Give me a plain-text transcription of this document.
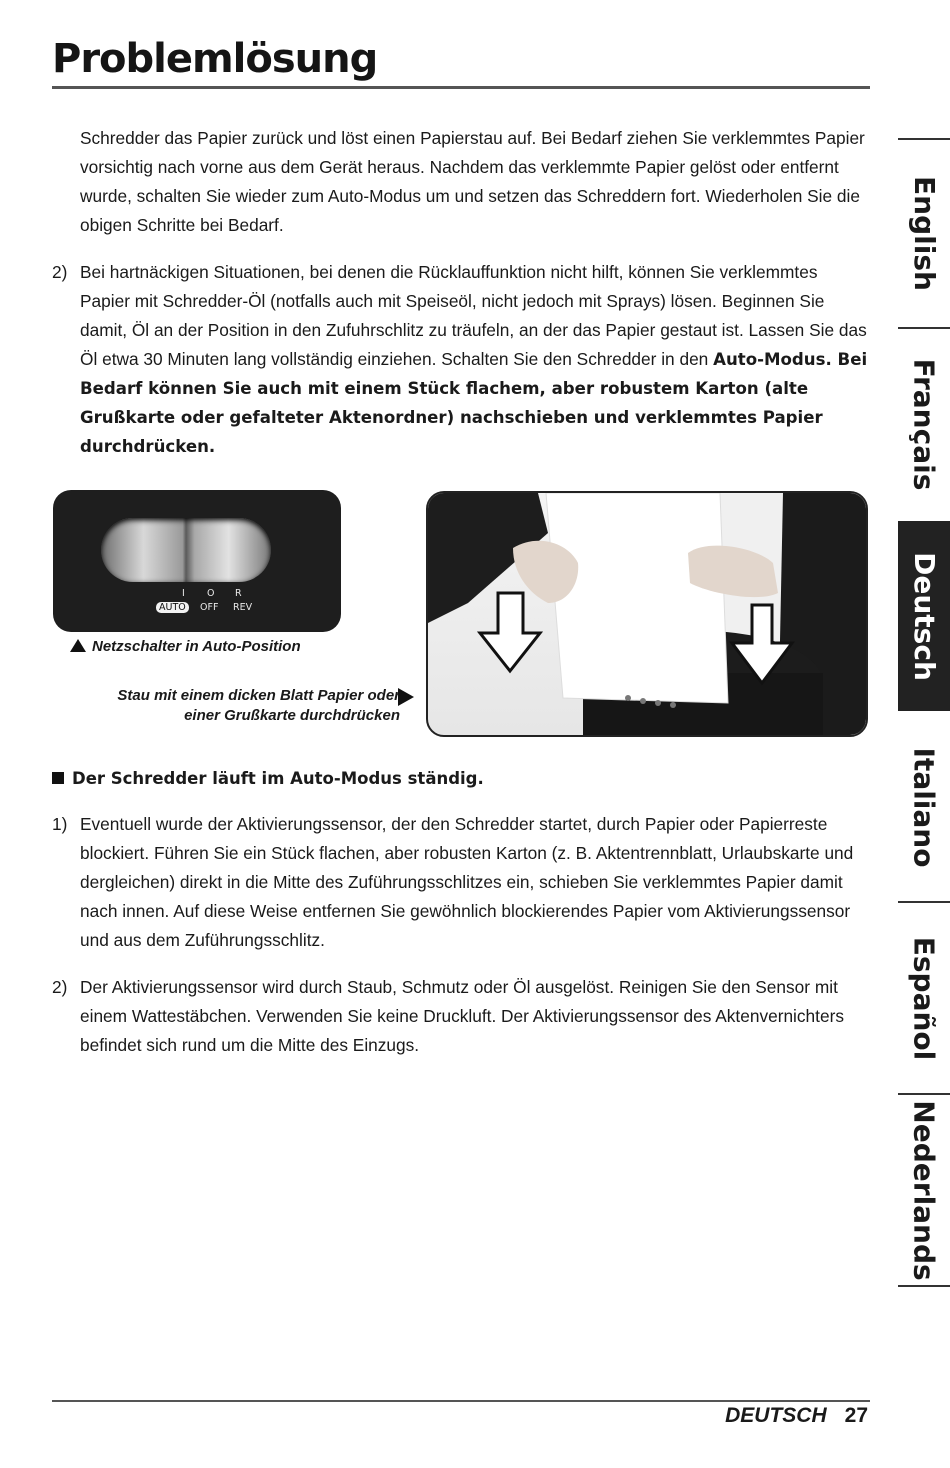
Problemlösung
Schredder das Papier zurück und löst einen Papierstau auf. Bei Bedarf ziehen Sie verklemmtes Papier vorsichtig nach vorne aus dem Gerät heraus. Nachdem das verklemmte Papier gelöst oder entfernt wurde, schalten Sie wieder zum Auto-Modus um und setzen das Schreddern fort. Wiederholen Sie die obigen Schritte bei Bedarf.
2) Bei hartnäckigen Situationen, bei denen die Rücklauffunktion nicht hilft, können Sie verklemmtes Papier mit Schredder-Öl (notfalls auch mit Speiseöl, nicht jedoch mit Sprays) lösen. Beginnen Sie damit, Öl an der Position in den Zufuhrschlitz zu träufeln, an der das Papier gestaut ist. Lassen Sie das Öl etwa 30 Minuten lang vollständig einziehen. Schalten Sie den Schredder in den Auto-Modus. Bei Bedarf können Sie auch mit einem Stück flachem, aber robustem Karton (alte Grußkarte oder gefalteter Aktenordner) nachschieben und verklemmtes Papier durchdrücken.
I O R
AUTO	OFF REV
Netzschalter in Auto-Position
Stau mit einem dicken Blatt Papier oder
einer Grußkarte durchdrücken
Der Schredder läuft im Auto-Modus ständig.
1) Eventuell wurde der Aktivierungssensor, der den Schredder startet, durch Papier oder Papierreste blockiert. Führen Sie ein Stück flachen, aber robusten Karton (z. B. Aktentrennblatt, Urlaubskarte und dergleichen) direkt in die Mitte des Zuführungsschlitzes ein, schieben Sie verklemmtes Papier damit nach innen. Auf diese Weise entfernen Sie gewöhnlich blockierendes Papier vom Aktivierungssensor und aus dem Zuführungsschlitz.
2) Der Aktivierungssensor wird durch Staub, Schmutz oder Öl ausgelöst. Reinigen Sie den Sensor mit einem Wattestäbchen. Verwenden Sie keine Druckluft. Der Aktivierungssensor des Aktenvernichters befindet sich rund um die Mitte des Einzugs.
English
Français
Deutsch
Italiano
Español
Nederlands
DEUTSCH 27
